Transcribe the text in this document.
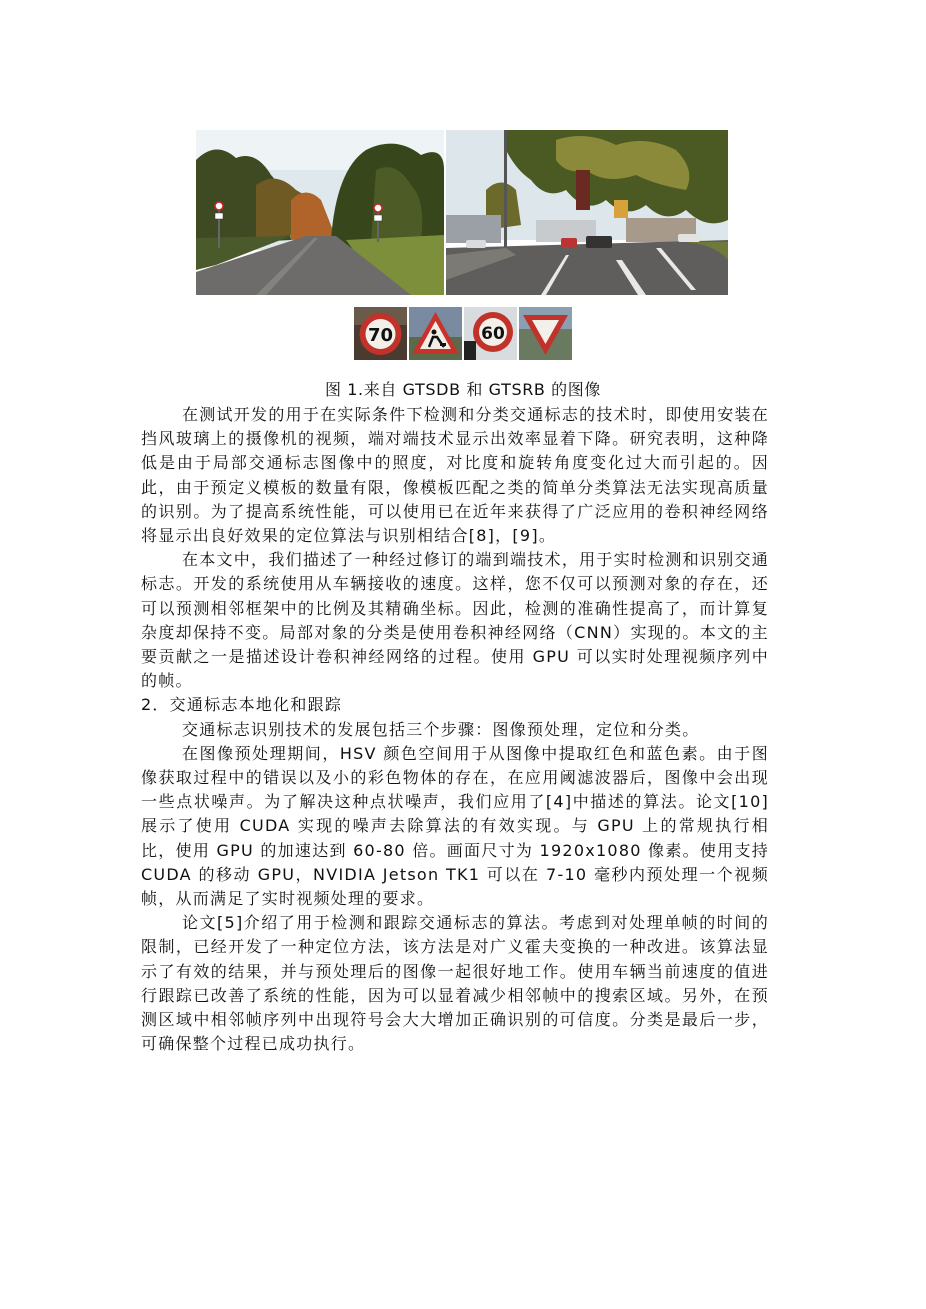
70	60
图 1.来自 GTSDB 和 GTSRB 的图像

在测试开发的用于在实际条件下检测和分类交通标志的技术时，即使用安装在挡风玻璃上的摄像机的视频，端对端技术显示出效率显着下降。研究表明，这种降低是由于局部交通标志图像中的照度，对比度和旋转角度变化过大而引起的。因此，由于预定义模板的数量有限，像模板匹配之类的简单分类算法无法实现高质量的识别。为了提高系统性能，可以使用已在近年来获得了广泛应用的卷积神经网络将显示出良好效果的定位算法与识别相结合[8]，[9]。

在本文中，我们描述了一种经过修订的端到端技术，用于实时检测和识别交通标志。开发的系统使用从车辆接收的速度。这样，您不仅可以预测对象的存在，还可以预测相邻框架中的比例及其精确坐标。因此，检测的准确性提高了，而计算复杂度却保持不变。局部对象的分类是使用卷积神经网络（CNN）实现的。本文的主要贡献之一是描述设计卷积神经网络的过程。使用 GPU 可以实时处理视频序列中的帧。

2．交通标志本地化和跟踪

交通标志识别技术的发展包括三个步骤：图像预处理，定位和分类。

在图像预处理期间，HSV 颜色空间用于从图像中提取红色和蓝色素。由于图像获取过程中的错误以及小的彩色物体的存在，在应用阈滤波器后，图像中会出现一些点状噪声。为了解决这种点状噪声，我们应用了[4]中描述的算法。论文[10]展示了使用 CUDA 实现的噪声去除算法的有效实现。与 GPU 上的常规执行相比，使用 GPU 的加速达到 60-80 倍。画面尺寸为 1920x1080 像素。使用支持 CUDA 的移动 GPU，NVIDIA Jetson TK1 可以在 7-10 毫秒内预处理一个视频帧，从而满足了实时视频处理的要求。

论文[5]介绍了用于检测和跟踪交通标志的算法。考虑到对处理单帧的时间的限制，已经开发了一种定位方法，该方法是对广义霍夫变换的一种改进。该算法显示了有效的结果，并与预处理后的图像一起很好地工作。使用车辆当前速度的值进行跟踪已改善了系统的性能，因为可以显着减少相邻帧中的搜索区域。另外，在预测区域中相邻帧序列中出现符号会大大增加正确识别的可信度。分类是最后一步，可确保整个过程已成功执行。
